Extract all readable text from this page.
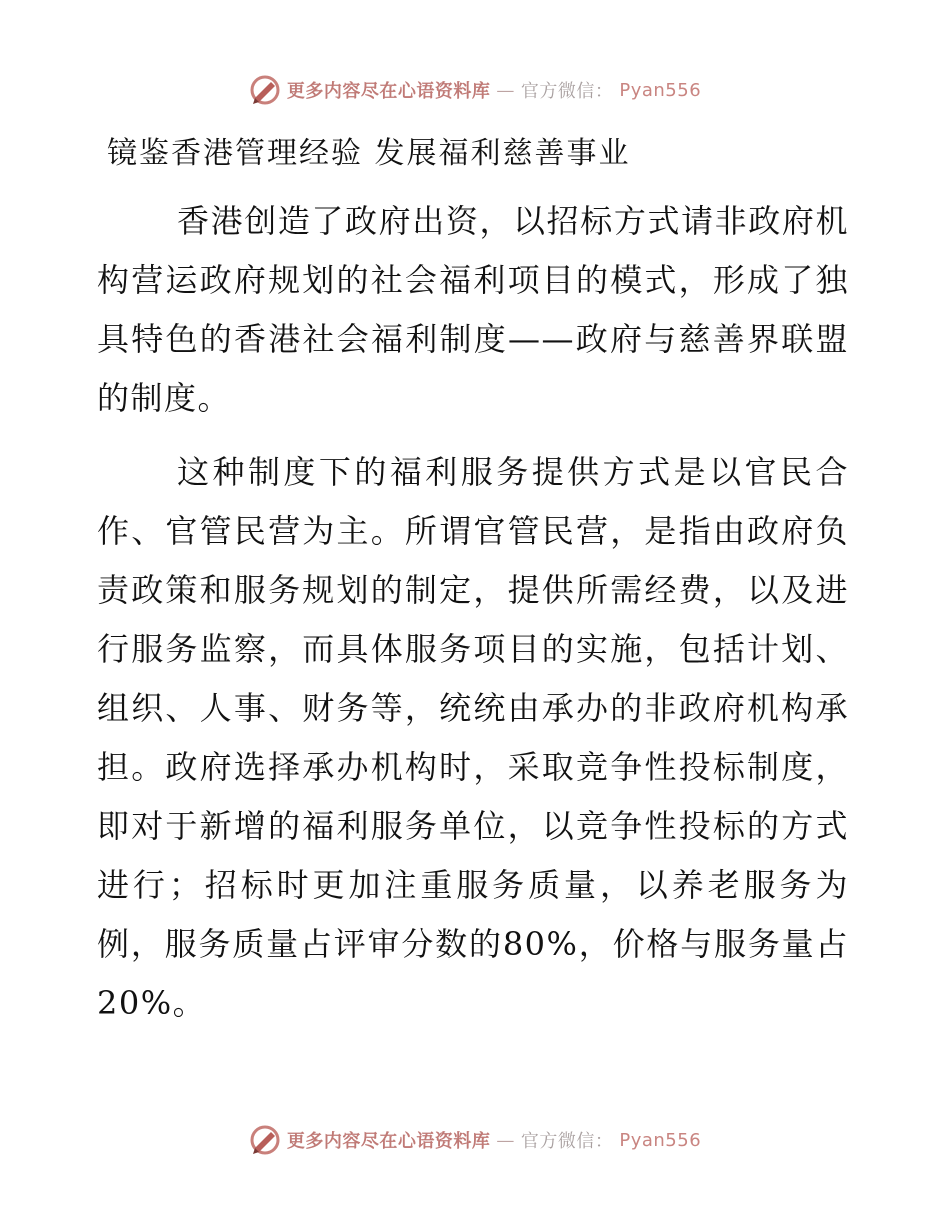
更多内容尽在心语资料库 — 官方微信： Pyan556
镜鉴香港管理经验 发展福利慈善事业

香港创造了政府出资，以招标方式请非政府机构营运政府规划的社会福利项目的模式，形成了独具特色的香港社会福利制度——政府与慈善界联盟的制度。

这种制度下的福利服务提供方式是以官民合作、官管民营为主。所谓官管民营，是指由政府负责政策和服务规划的制定，提供所需经费，以及进行服务监察，而具体服务项目的实施，包括计划、组织、人事、财务等，统统由承办的非政府机构承担。政府选择承办机构时，采取竞争性投标制度，即对于新增的福利服务单位，以竞争性投标的方式进行；招标时更加注重服务质量，以养老服务为例，服务质量占评审分数的80%，价格与服务量占20%。

更多内容尽在心语资料库 — 官方微信： Pyan556
